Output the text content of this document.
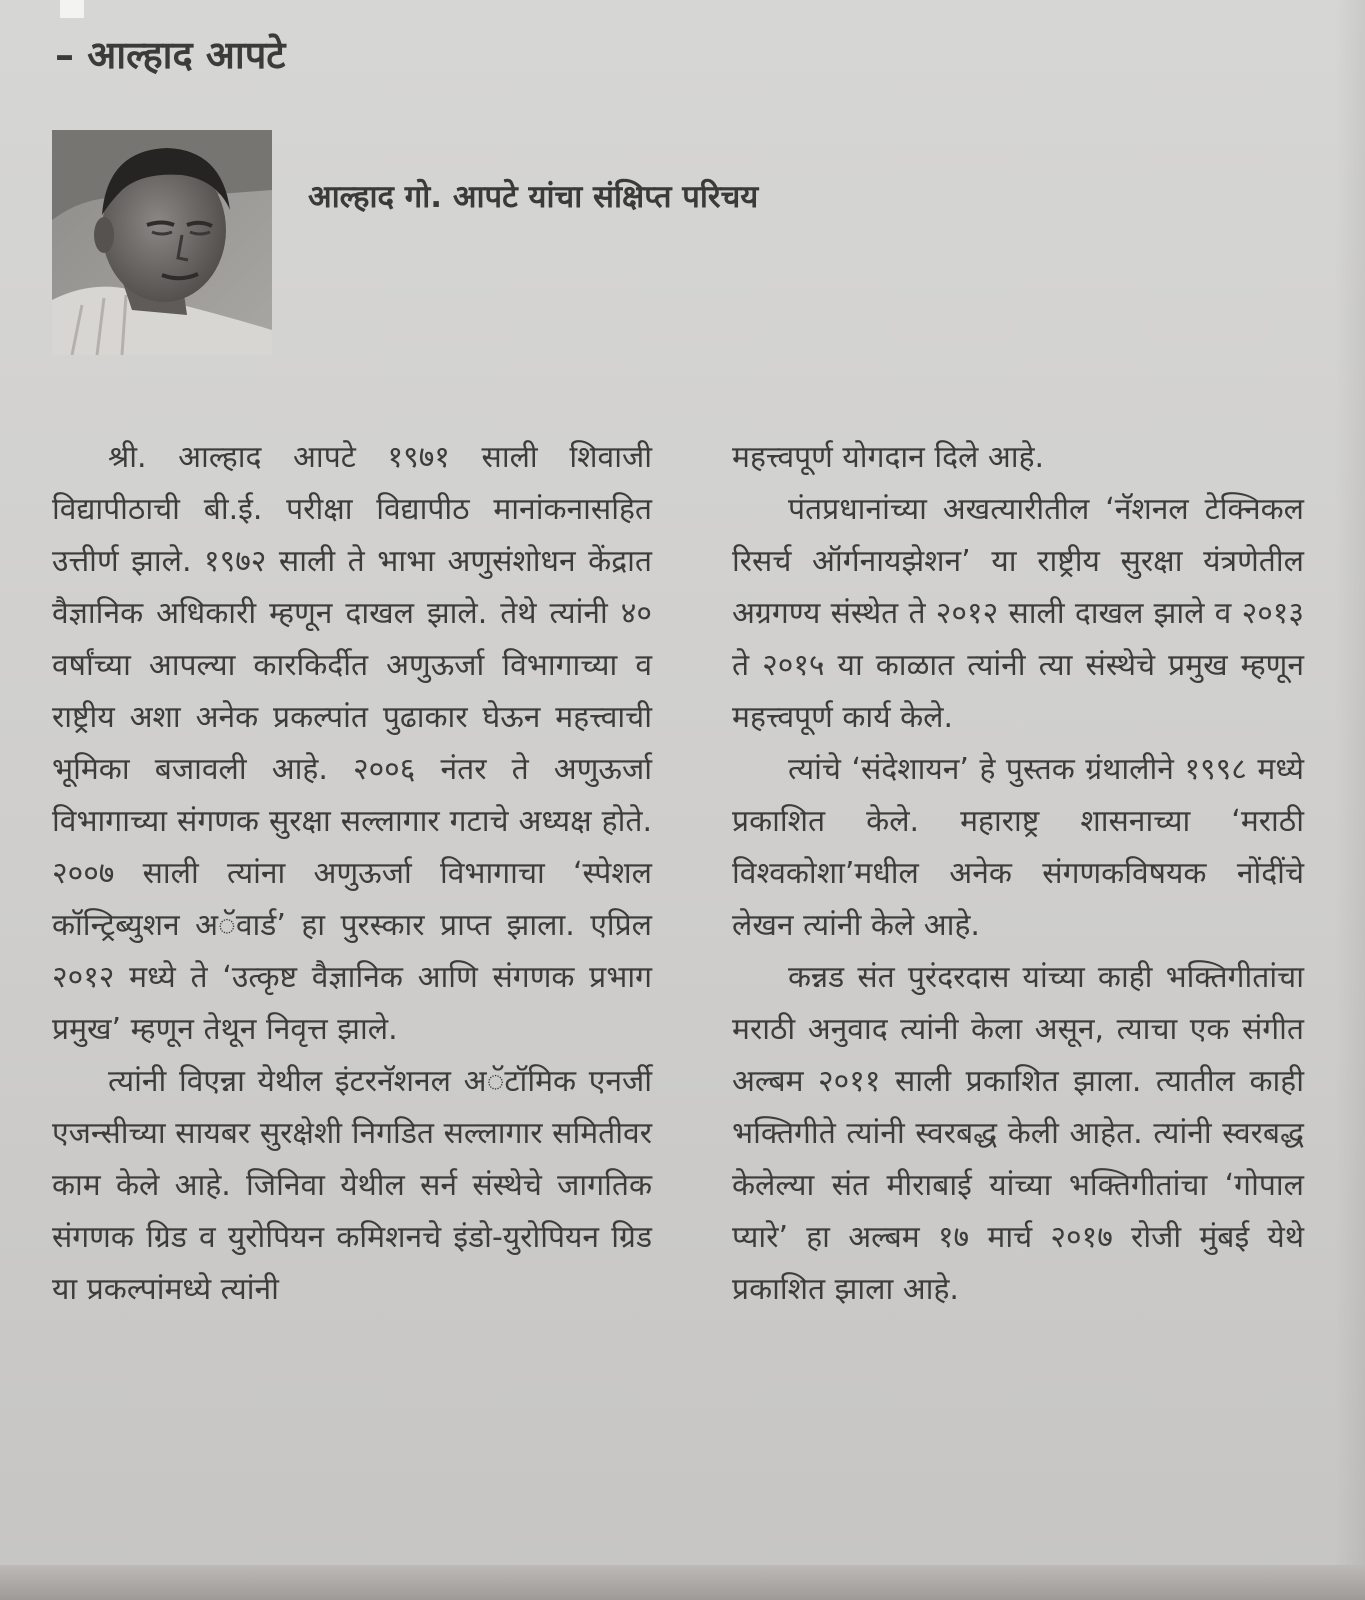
– आल्हाद आपटे
आल्हाद गो. आपटे यांचा संक्षिप्त परिचय

श्री. आल्हाद आपटे १९७१ साली शिवाजी विद्यापीठाची बी.ई. परीक्षा विद्यापीठ मानांकनासहित उत्तीर्ण झाले. १९७२ साली ते भाभा अणुसंशोधन केंद्रात वैज्ञानिक अधिकारी म्हणून दाखल झाले. तेथे त्यांनी ४० वर्षांच्या आपल्या कारकिर्दीत अणुऊर्जा विभागाच्या व राष्ट्रीय अशा अनेक प्रकल्पांत पुढाकार घेऊन महत्त्वाची भूमिका बजावली आहे. २००६ नंतर ते अणुऊर्जा विभागाच्या संगणक सुरक्षा सल्लागार गटाचे अध्यक्ष होते. २००७ साली त्यांना अणुऊर्जा विभागाचा ‘स्पेशल कॉन्ट्रिब्युशन अॅवार्ड’ हा पुरस्कार प्राप्त झाला. एप्रिल २०१२ मध्ये ते ‘उत्कृष्ट वैज्ञानिक आणि संगणक प्रभाग प्रमुख’ म्हणून तेथून निवृत्त झाले.

त्यांनी विएन्ना येथील इंटरनॅशनल अॅटॉमिक एनर्जी एजन्सीच्या सायबर सुरक्षेशी निगडित सल्लागार समितीवर काम केले आहे. जिनिवा येथील सर्न संस्थेचे जागतिक संगणक ग्रिड व युरोपियन कमिशनचे इंडो-युरोपियन ग्रिड या प्रकल्पांमध्ये त्यांनी

महत्त्वपूर्ण योगदान दिले आहे.

पंतप्रधानांच्या अखत्यारीतील ‘नॅशनल टेक्निकल रिसर्च ऑर्गनायझेशन’ या राष्ट्रीय सुरक्षा यंत्रणेतील अग्रगण्य संस्थेत ते २०१२ साली दाखल झाले व २०१३ ते २०१५ या काळात त्यांनी त्या संस्थेचे प्रमुख म्हणून महत्त्वपूर्ण कार्य केले.

त्यांचे ‘संदेशायन’ हे पुस्तक ग्रंथालीने १९९८ मध्ये प्रकाशित केले. महाराष्ट्र शासनाच्या ‘मराठी विश्वकोशा’मधील अनेक संगणकविषयक नोंदींचे लेखन त्यांनी केले आहे.

कन्नड संत पुरंदरदास यांच्या काही भक्तिगीतांचा मराठी अनुवाद त्यांनी केला असून, त्याचा एक संगीत अल्बम २०११ साली प्रकाशित झाला. त्यातील काही भक्तिगीते त्यांनी स्वरबद्ध केली आहेत. त्यांनी स्वरबद्ध केलेल्या संत मीराबाई यांच्या भक्तिगीतांचा ‘गोपाल प्यारे’ हा अल्बम १७ मार्च २०१७ रोजी मुंबई येथे प्रकाशित झाला आहे.
